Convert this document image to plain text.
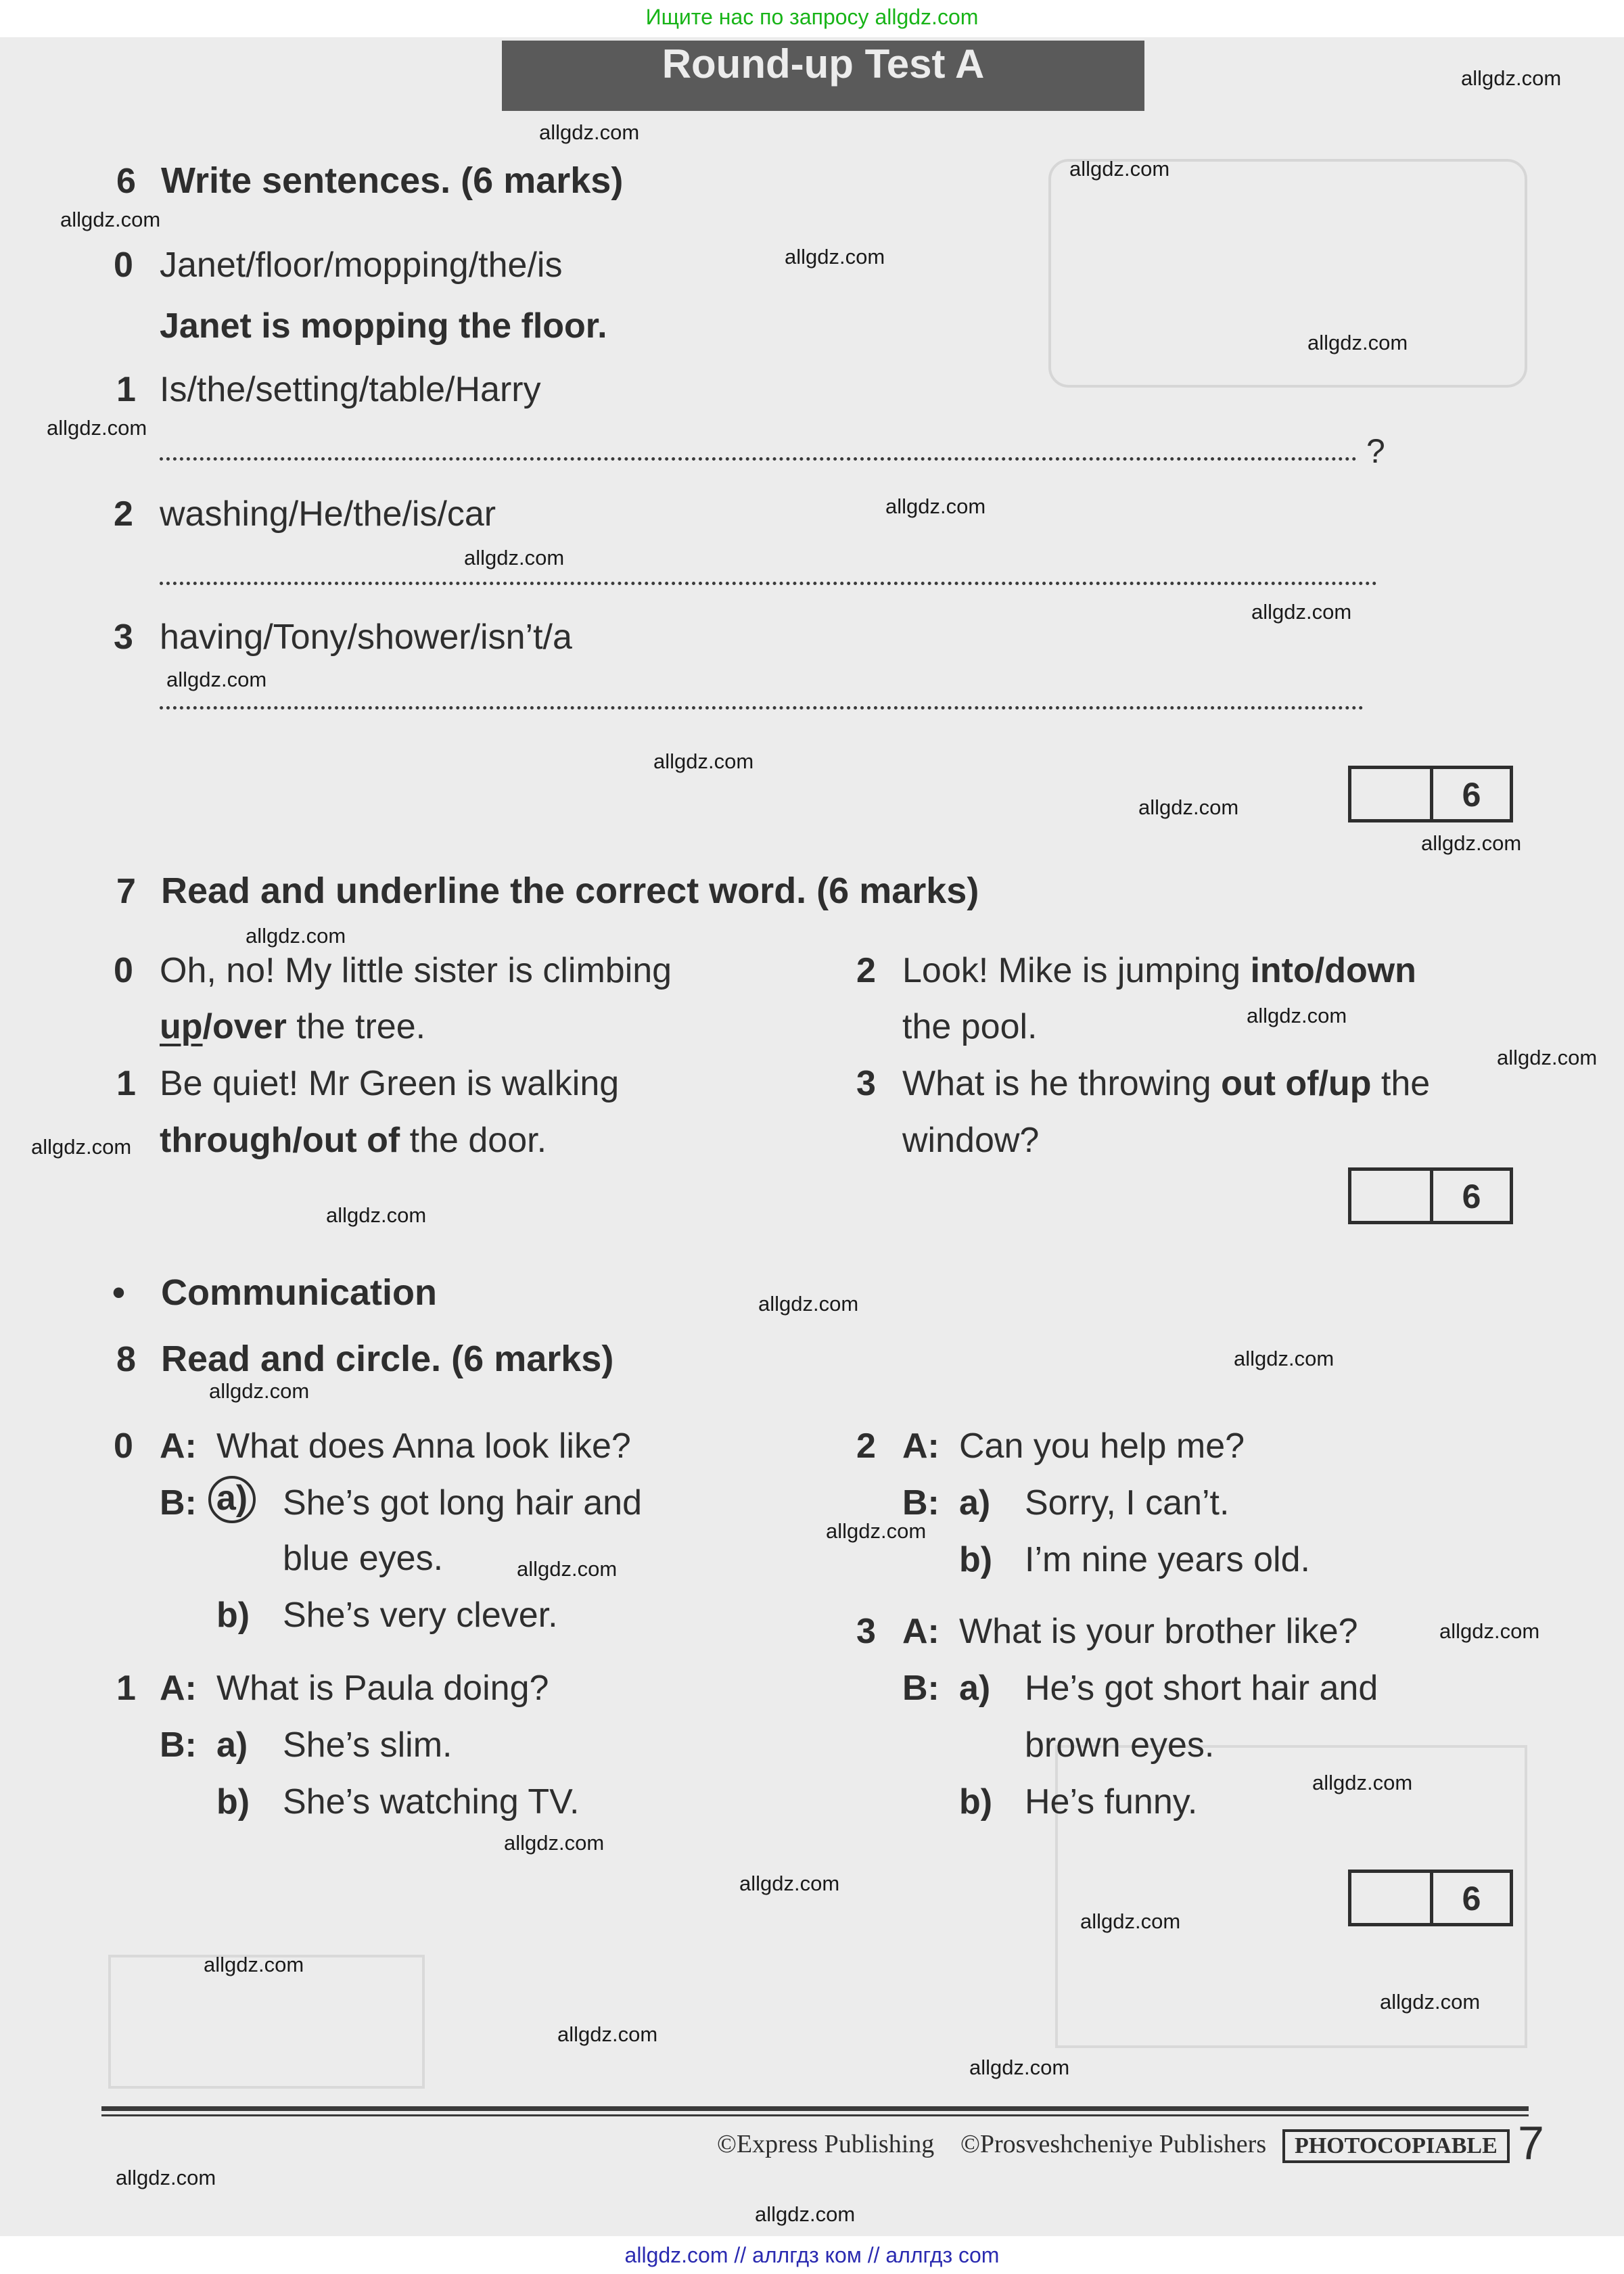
Ищите нас по запросу allgdz.com
allgdz.com // аллгдз ком // аллгдз com
Round-up Test A
6 Write sentences. (6 marks)
0 Janet/floor/mopping/the/is
Janet is mopping the floor.
1 Is/the/setting/table/Harry
?
2 washing/He/the/is/car
3 having/Tony/shower/isn’t/a
6
7 Read and underline the correct word. (6 marks)
0 Oh, no! My little sister is climbing
up/over the tree.
1 Be quiet! Mr Green is walking
through/out of the door.
2 Look! Mike is jumping into/down
the pool.
3 What is he throwing out of/up the
window?
6
• Communication
8 Read and circle. (6 marks)
0 A: What does Anna look like?
B: a) She’s got long hair and
blue eyes.
b) She’s very clever.
1 A: What is Paula doing?
B: a) She’s slim.
b) She’s watching TV.
2 A: Can you help me?
B: a) Sorry, I can’t.
b) I’m nine years old.
3 A: What is your brother like?
B: a) He’s got short hair and
brown eyes.
b) He’s funny.
6
©Express Publishing ©Prosveshcheniye Publishers	PHOTOCOPIABLE 7
allgdz.com
allgdz.com
allgdz.com
allgdz.com
allgdz.com
allgdz.com
allgdz.com
allgdz.com
allgdz.com
allgdz.com
allgdz.com
allgdz.com
allgdz.com
allgdz.com
allgdz.com
allgdz.com
allgdz.com
allgdz.com
allgdz.com
allgdz.com
allgdz.com
allgdz.com
allgdz.com
allgdz.com
allgdz.com
allgdz.com
allgdz.com
allgdz.com
allgdz.com
allgdz.com
allgdz.com
allgdz.com
allgdz.com
allgdz.com
allgdz.com
